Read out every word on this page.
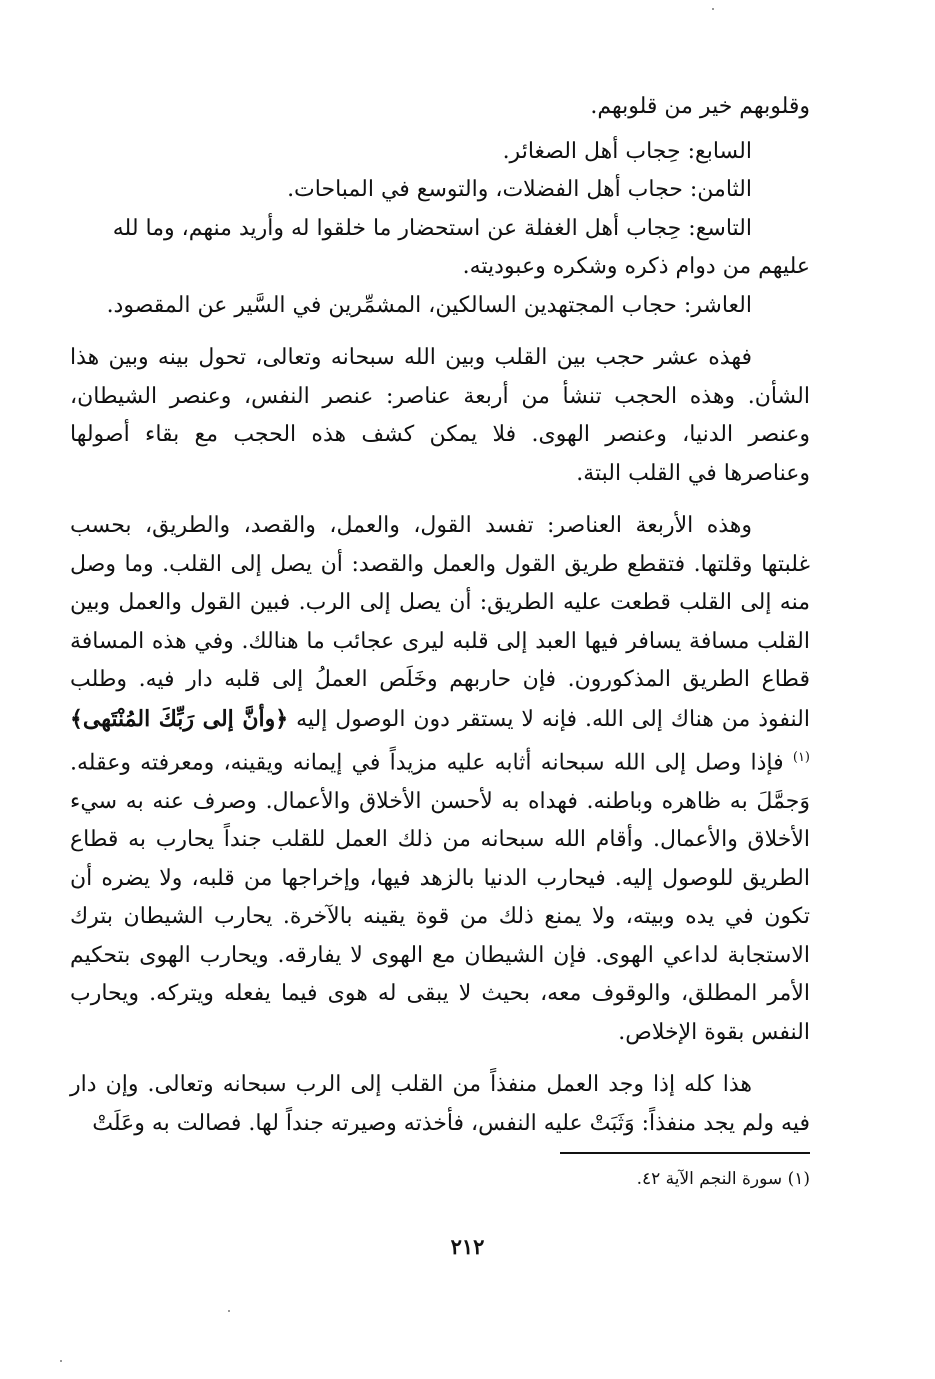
وقلوبهم خير من قلوبهم.

السابع: حِجاب أهل الصغائر.

الثامن: حجاب أهل الفضلات، والتوسع في المباحات.

التاسع: حِجاب أهل الغفلة عن استحضار ما خلقوا له وأريد منهم، وما لله

عليهم من دوام ذكره وشكره وعبوديته.

العاشر: حجاب المجتهدين السالكين، المشمِّرين في السَّير عن المقصود.

فهذه عشر حجب بين القلب وبين الله سبحانه وتعالى، تحول بينه وبين هذا الشأن. وهذه الحجب تنشأ من أربعة عناصر: عنصر النفس، وعنصر الشيطان، وعنصر الدنيا، وعنصر الهوى. فلا يمكن كشف هذه الحجب مع بقاء أصولها وعناصرها في القلب البتة.

وهذه الأربعة العناصر: تفسد القول، والعمل، والقصد، والطريق، بحسب غلبتها وقلتها. فتقطع طريق القول والعمل والقصد: أن يصل إلى القلب. وما وصل منه إلى القلب قطعت عليه الطريق: أن يصل إلى الرب. فبين القول والعمل وبين القلب مسافة يسافر فيها العبد إلى قلبه ليرى عجائب ما هنالك. وفي هذه المسافة قطاع الطريق المذكورون. فإن حاربهم وخَلَص العملُ إلى قلبه دار فيه. وطلب النفوذ من هناك إلى الله. فإنه لا يستقر دون الوصول إليه ﴿وأنَّ إلى رَبِّكَ المُنْتَهى﴾$^{(١)}$ فإذا وصل إلى الله سبحانه أثابه عليه مزيداً في إيمانه ويقينه، ومعرفته وعقله. وَجمَّلَ به ظاهره وباطنه. فهداه به لأحسن الأخلاق والأعمال. وصرف عنه به سيء الأخلاق والأعمال. وأقام الله سبحانه من ذلك العمل للقلب جنداً يحارب به قطاع الطريق للوصول إليه. فيحارب الدنيا بالزهد فيها، وإخراجها من قلبه، ولا يضره أن تكون في يده وبيته، ولا يمنع ذلك من قوة يقينه بالآخرة. يحارب الشيطان بترك الاستجابة لداعي الهوى. فإن الشيطان مع الهوى لا يفارقه. ويحارب الهوى بتحكيم الأمر المطلق، والوقوف معه، بحيث لا يبقى له هوى فيما يفعله ويتركه. ويحارب النفس بقوة الإخلاص.

هذا كله إذا وجد العمل منفذاً من القلب إلى الرب سبحانه وتعالى. وإن دار فيه ولم يجد منفذاً: وَثَبَتْ عليه النفس، فأخذته وصيرته جنداً لها. فصالت به وعَلَتْ

(١) سورة النجم الآية ٤٢.
٢١٢
